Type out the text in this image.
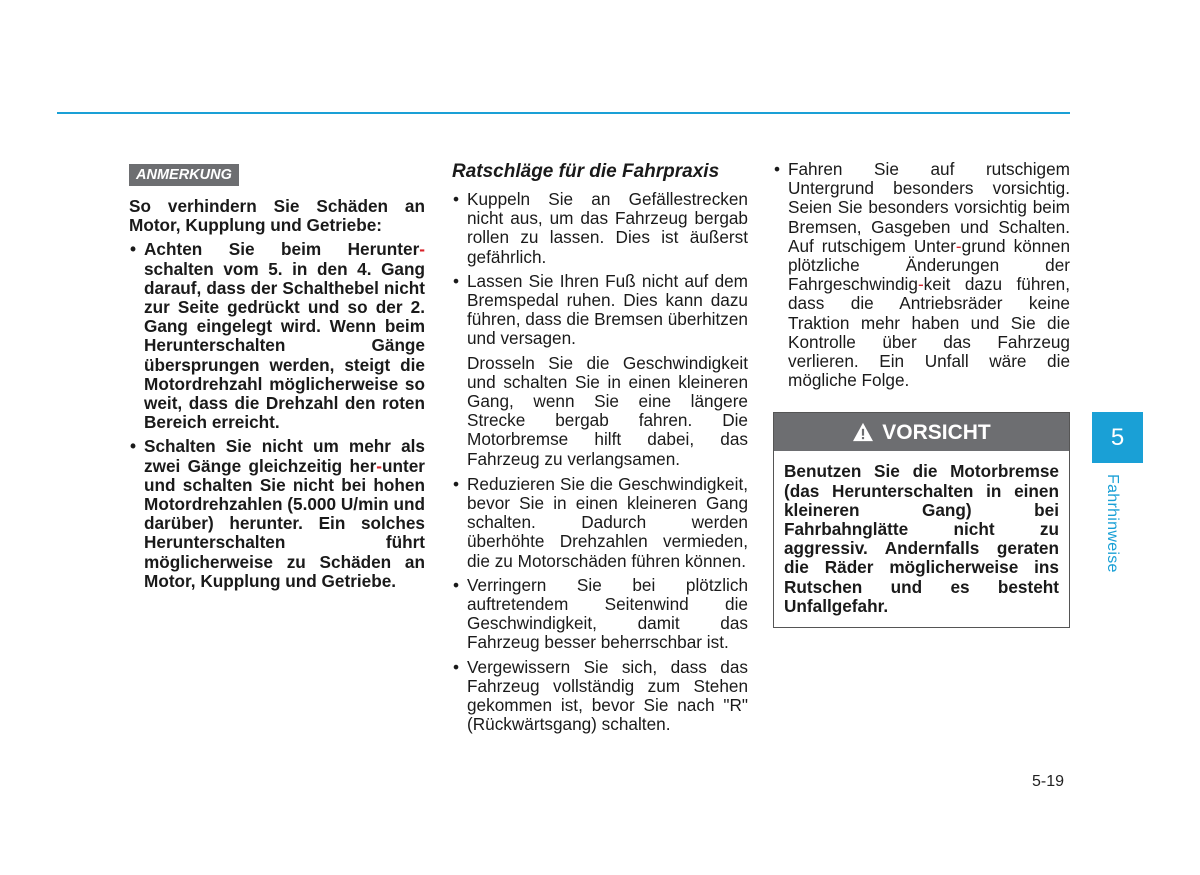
ANMERKUNG
So verhindern Sie Schäden an Motor, Kupplung und Getriebe:
• Achten Sie beim Herunter-schalten vom 5. in den 4. Gang darauf, dass der Schalthebel nicht zur Seite gedrückt und so der 2. Gang eingelegt wird. Wenn beim Herunterschalten Gänge übersprungen werden, steigt die Motordrehzahl möglicherweise so weit, dass die Drehzahl den roten Bereich erreicht.
• Schalten Sie nicht um mehr als zwei Gänge gleichzeitig her-unter und schalten Sie nicht bei hohen Motordrehzahlen (5.000 U/min und darüber) herunter. Ein solches Herunterschalten führt möglicherweise zu Schäden an Motor, Kupplung und Getriebe.
Ratschläge für die Fahrpraxis
• Kuppeln Sie an Gefällestrecken nicht aus, um das Fahrzeug bergab rollen zu lassen. Dies ist äußerst gefährlich.
• Lassen Sie Ihren Fuß nicht auf dem Bremspedal ruhen. Dies kann dazu führen, dass die Bremsen überhitzen und versagen.
Drosseln Sie die Geschwindigkeit und schalten Sie in einen kleineren Gang, wenn Sie eine längere Strecke bergab fahren. Die Motorbremse hilft dabei, das Fahrzeug zu verlangsamen.
• Reduzieren Sie die Geschwindigkeit, bevor Sie in einen kleineren Gang schalten. Dadurch werden überhöhte Drehzahlen vermieden, die zu Motorschäden führen können.
• Verringern Sie bei plötzlich auftretendem Seitenwind die Geschwindigkeit, damit das Fahrzeug besser beherrschbar ist.
• Vergewissern Sie sich, dass das Fahrzeug vollständig zum Stehen gekommen ist, bevor Sie nach "R" (Rückwärtsgang) schalten.
• Fahren Sie auf rutschigem Untergrund besonders vorsichtig. Seien Sie besonders vorsichtig beim Bremsen, Gasgeben und Schalten. Auf rutschigem Unter-grund können plötzliche Änderungen der Fahrgeschwindig-keit dazu führen, dass die Antriebsräder keine Traktion mehr haben und Sie die Kontrolle über das Fahrzeug verlieren. Ein Unfall wäre die mögliche Folge.
VORSICHT
Benutzen Sie die Motorbremse (das Herunterschalten in einen kleineren Gang) bei Fahrbahnglätte nicht zu aggressiv. Andernfalls geraten die Räder möglicherweise ins Rutschen und es besteht Unfallgefahr.
5
Fahrhinweise
5-19
